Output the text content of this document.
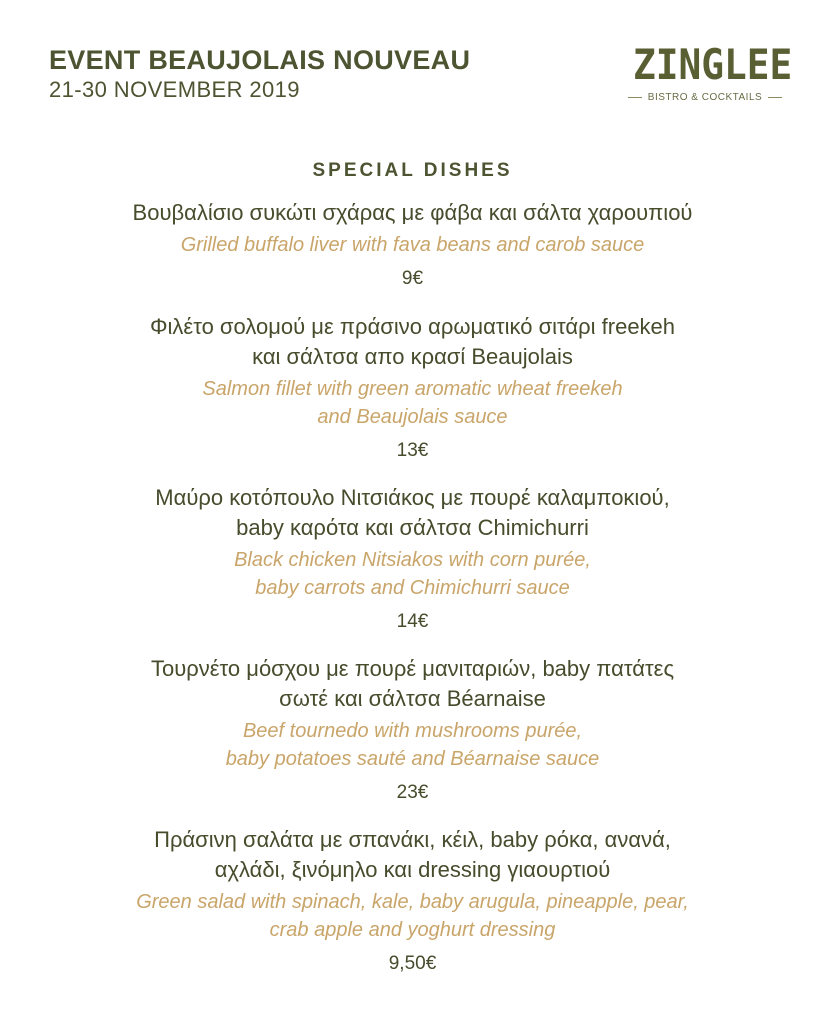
EVENT BEAUJOLAIS NOUVEAU
21-30 NOVEMBER 2019
ZINGLEE
BISTRO & COCKTAILS
SPECIAL DISHES
Βουβαλίσιο συκώτι σχάρας με φάβα και σάλτα χαρουπιού
Grilled buffalo liver with fava beans and carob sauce
9€
Φιλέτο σολομού με πράσινο αρωματικό σιτάρι freekeh
και σάλτσα απο κρασί Beaujolais
Salmon fillet with green aromatic wheat freekeh
and Beaujolais sauce
13€
Μαύρο κοτόπουλο Νιτσιάκος με πουρέ καλαμποκιού,
baby καρότα και σάλτσα Chimichurri
Black chicken Nitsiakos with corn purée,
baby carrots and Chimichurri sauce
14€
Τουρνέτο μόσχου με πουρέ μανιταριών, baby πατάτες
σωτέ και σάλτσα Béarnaise
Beef tournedo with mushrooms purée,
baby potatoes sauté and Béarnaise sauce
23€
Πράσινη σαλάτα με σπανάκι, κέιλ, baby ρόκα, ανανά,
αχλάδι, ξινόμηλο και dressing γιαουρτιού
Green salad with spinach, kale, baby arugula, pineapple, pear,
crab apple and yoghurt dressing
9,50€
